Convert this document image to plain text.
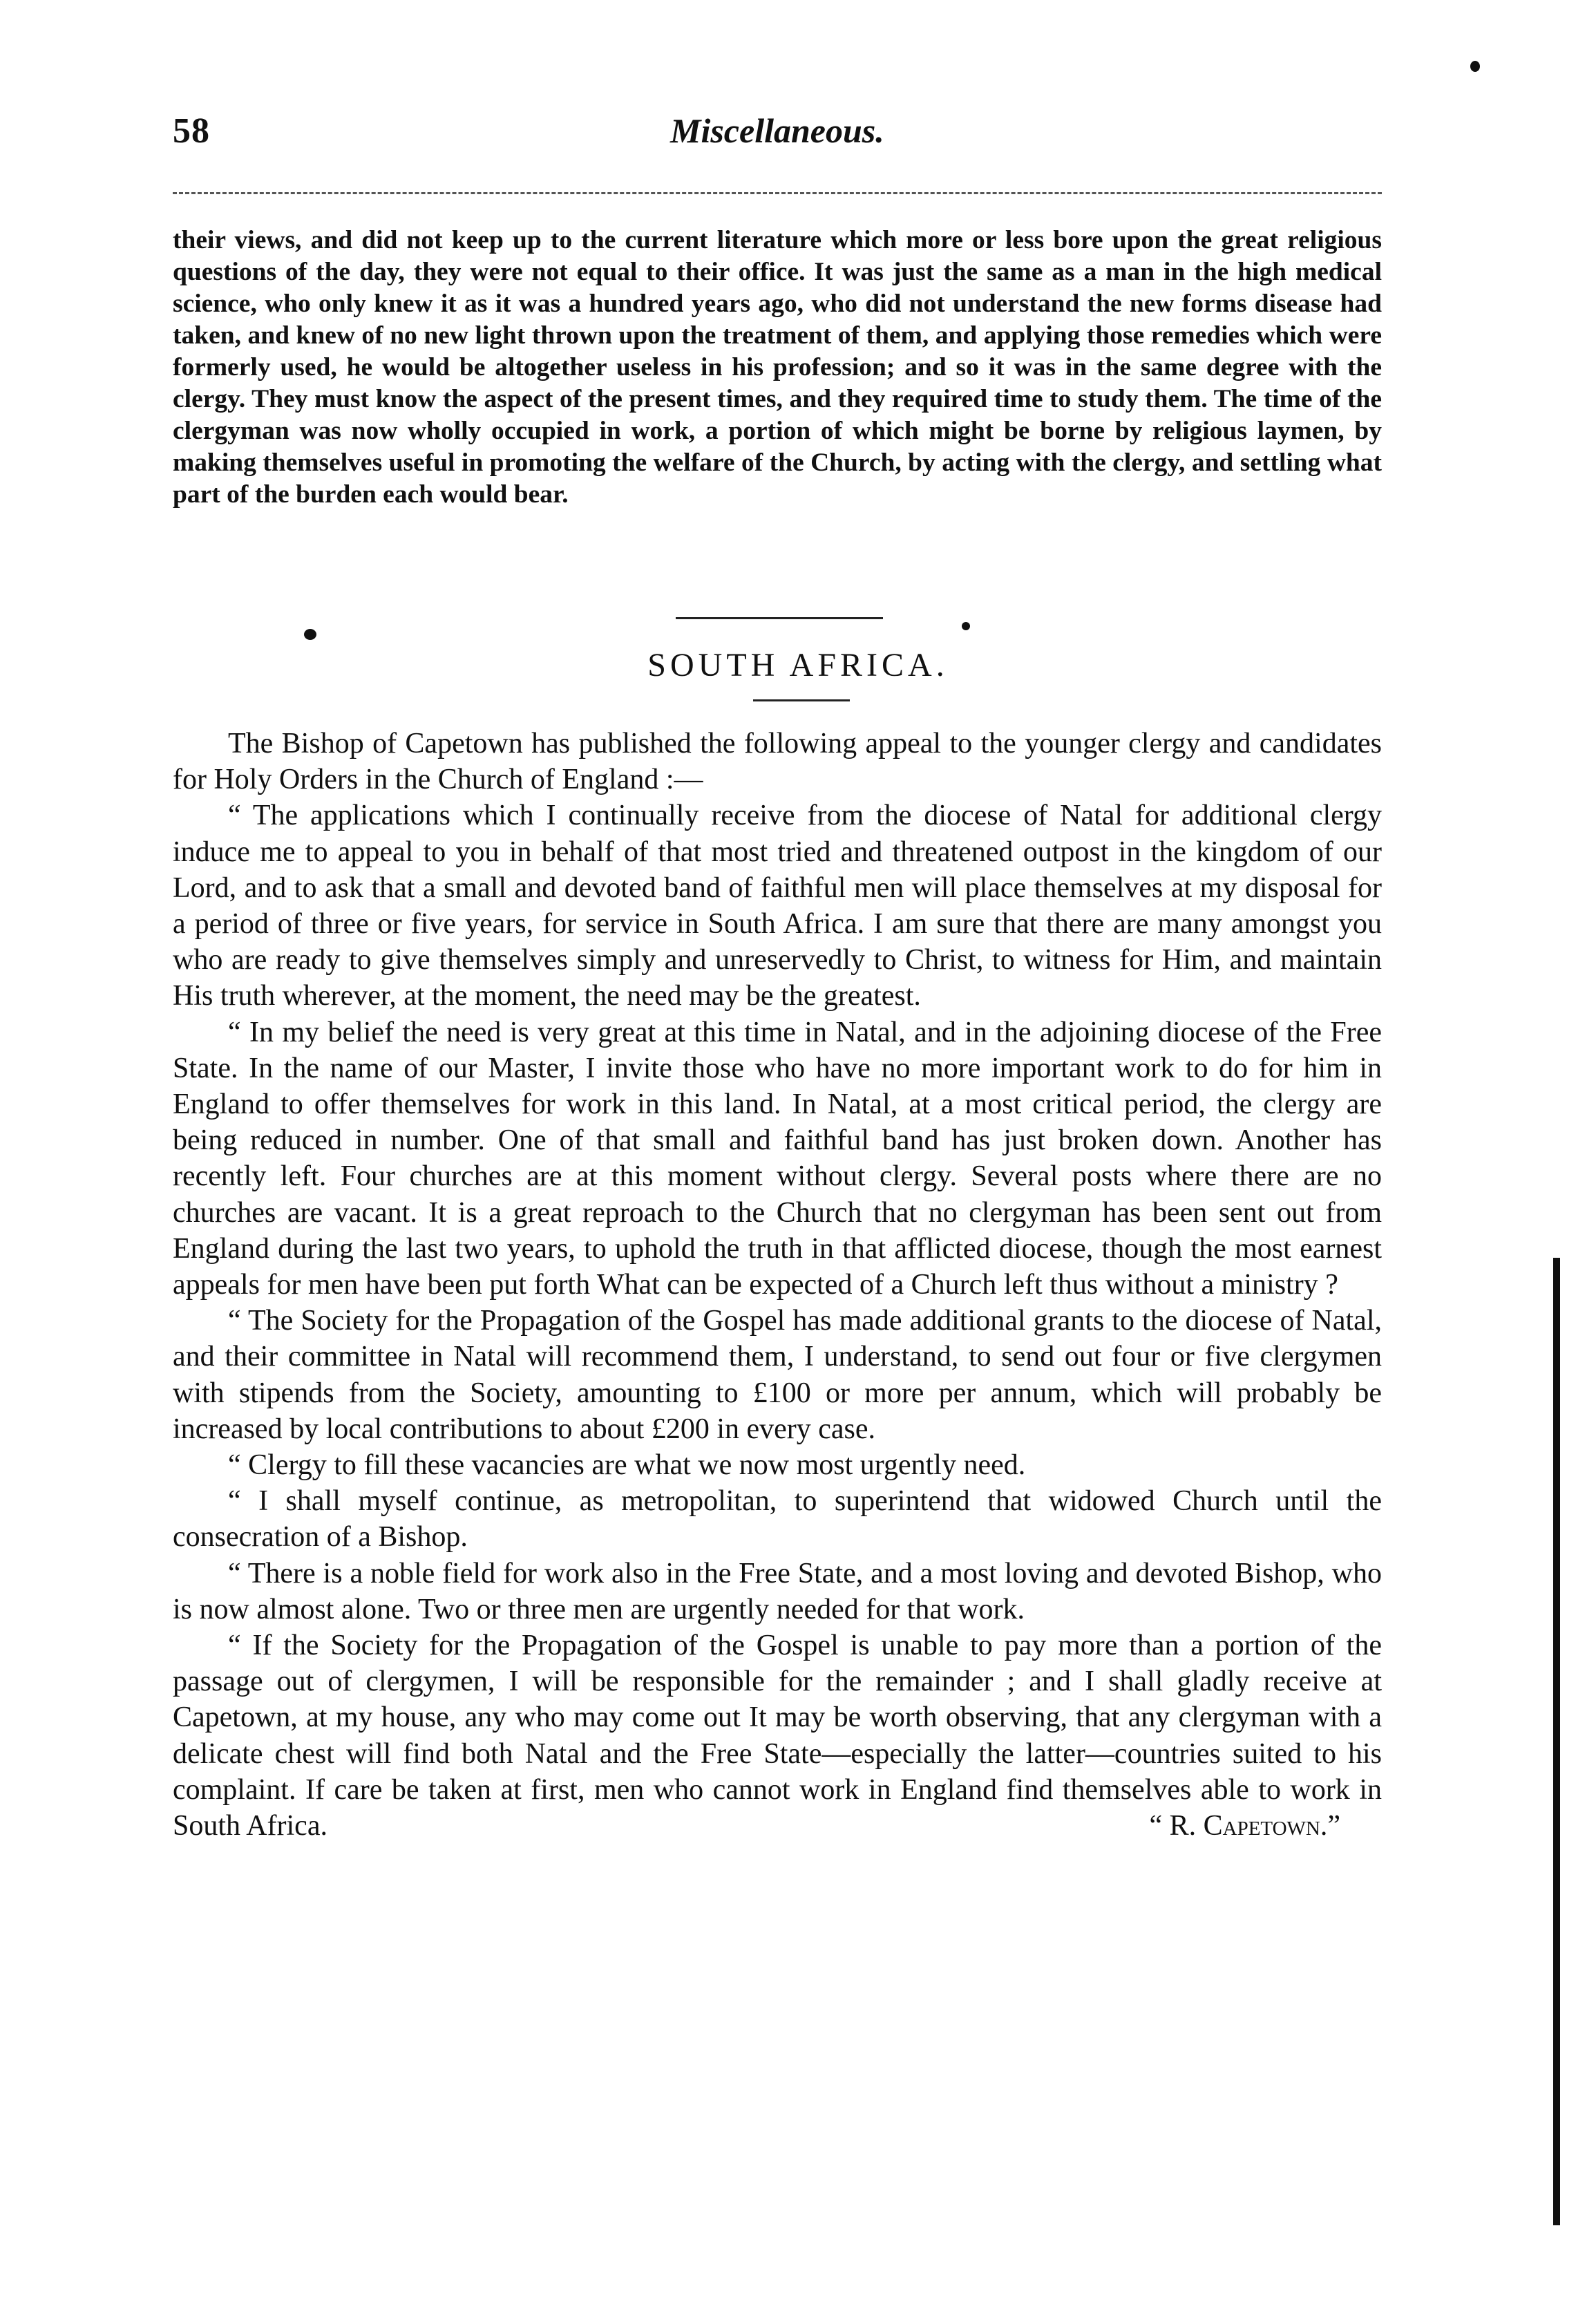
58	Miscellaneous.
their views, and did not keep up to the current literature which more or less bore upon the great religious questions of the day, they were not equal to their office. It was just the same as a man in the high medical science, who only knew it as it was a hundred years ago, who did not understand the new forms disease had taken, and knew of no new light thrown upon the treatment of them, and applying those remedies which were formerly used, he would be altogether useless in his profession; and so it was in the same degree with the clergy. They must know the aspect of the present times, and they required time to study them. The time of the clergyman was now wholly occupied in work, a portion of which might be borne by religious laymen, by making themselves useful in promoting the welfare of the Church, by acting with the clergy, and settling what part of the burden each would bear.
SOUTH AFRICA.

The Bishop of Capetown has published the following appeal to the younger clergy and candidates for Holy Orders in the Church of England :—

“ The applications which I continually receive from the diocese of Natal for additional clergy induce me to appeal to you in behalf of that most tried and threatened outpost in the kingdom of our Lord, and to ask that a small and devoted band of faithful men will place themselves at my disposal for a period of three or five years, for service in South Africa. I am sure that there are many amongst you who are ready to give themselves simply and unreservedly to Christ, to witness for Him, and maintain His truth wherever, at the moment, the need may be the greatest.

“ In my belief the need is very great at this time in Natal, and in the adjoining diocese of the Free State. In the name of our Master, I invite those who have no more important work to do for him in England to offer themselves for work in this land. In Natal, at a most critical period, the clergy are being reduced in number. One of that small and faithful band has just broken down. Another has recently left. Four churches are at this moment without clergy. Several posts where there are no churches are vacant. It is a great reproach to the Church that no clergyman has been sent out from England during the last two years, to uphold the truth in that afflicted diocese, though the most earnest appeals for men have been put forth What can be expected of a Church left thus without a ministry ?

“ The Society for the Propagation of the Gospel has made additional grants to the diocese of Natal, and their committee in Natal will recommend them, I understand, to send out four or five clergymen with stipends from the Society, amounting to £100 or more per annum, which will probably be increased by local contributions to about £200 in every case.

“ Clergy to fill these vacancies are what we now most urgently need.

“ I shall myself continue, as metropolitan, to superintend that widowed Church until the consecration of a Bishop.

“ There is a noble field for work also in the Free State, and a most loving and devoted Bishop, who is now almost alone. Two or three men are urgently needed for that work.

“ If the Society for the Propagation of the Gospel is unable to pay more than a portion of the passage out of clergymen, I will be responsible for the remainder ; and I shall gladly receive at Capetown, at my house, any who may come out It may be worth observing, that any clergyman with a delicate chest will find both Natal and the Free State—especially the latter—countries suited to his complaint. If care be taken at first, men who cannot work in England find themselves able to work in South Africa.	“ R. Capetown.”
